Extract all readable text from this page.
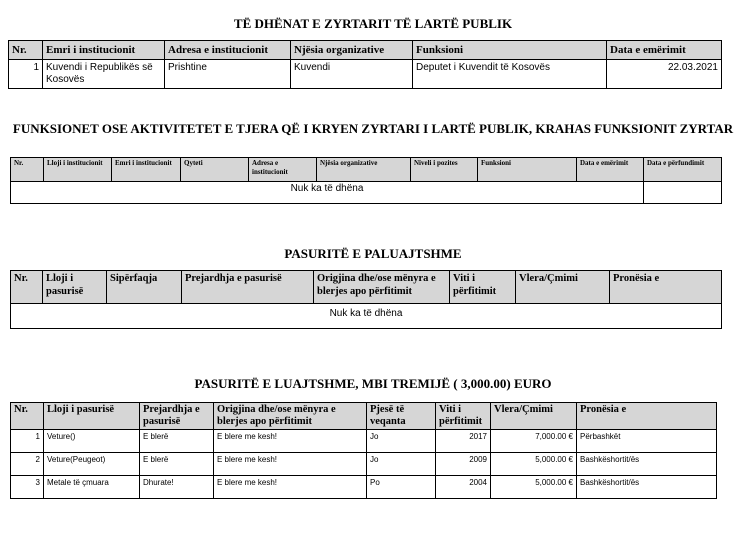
TË DHËNAT E ZYRTARIT TË LARTË PUBLIK
Nr.	Emri i institucionit	Adresa e institucionit	Njësia organizative	Funksioni	Data e emërimit
1	Kuvendi i Republikës së Kosovës	Prishtine	Kuvendi	Deputet i Kuvendit të Kosovës	22.03.2021
FUNKSIONET OSE AKTIVITETET E TJERA QË I KRYEN ZYRTARI I LARTË PUBLIK, KRAHAS FUNKSIONIT ZYRTAR
Nr.	Lloji i institucionit	Emri i institucionit	Qyteti	Adresa e institucionit	Njësia organizative	Niveli i pozites	Funksioni	Data e emërimit	Data e përfundimit
Nuk ka të dhëna									
PASURITË E PALUAJTSHME
Nr.	Lloji i pasurisë	Sipërfaqja	Prejardhja e pasurisë	Origjina dhe/ose mënyra e blerjes apo përfitimit	Viti i përfitimit	Vlera/Çmimi	Pronësia e
Nuk ka të dhëna
PASURITË E LUAJTSHME, MBI TREMIJË ( 3,000.00) EURO
Nr.	Lloji i pasurisë	Prejardhja e pasurisë	Origjina dhe/ose mënyra e blerjes apo përfitimit	Pjesë të veqanta	Viti i përfitimit	Vlera/Çmimi	Pronësia e
1	Veture()	E blerë	E blere me kesh!	Jo	2017	7,000.00 €	Përbashkët
2	Veture(Peugeot)	E blerë	E blere me kesh!	Jo	2009	5,000.00 €	Bashkëshortit/ës
3	Metale të çmuara	Dhurate!	E blere me kesh!	Po	2004	5,000.00 €	Bashkëshortit/ës
